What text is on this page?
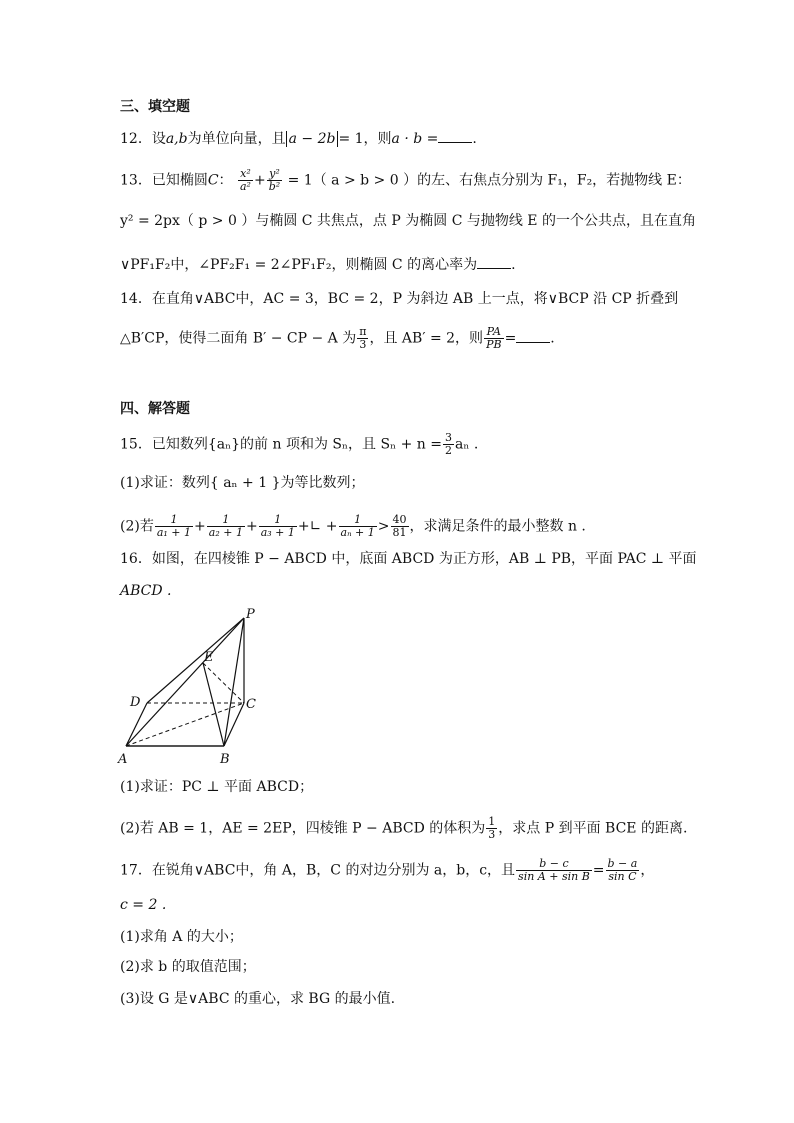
三、填空题
12．设a,b为单位向量，且 a − 2b = 1，则a · b = .
13．已知椭圆C： $\frac{\text{x²}}{\text{a²}} + \frac{\text{y²}}{\text{b²}} = 1$（ a > b > 0 ）的左、右焦点分别为 F₁，F₂，若抛物线 E：
y² = 2px（ p > 0 ）与椭圆 C 共焦点，点 P 为椭圆 C 与抛物线 E 的一个公共点，且在直角
∨PF₁F₂中，∠PF₂F₁ = 2∠PF₁F₂，则椭圆 C 的离心率为 .
14．在直角∨ABC中，AC = 3，BC = 2，P 为斜边 AB 上一点，将∨BCP 沿 CP 折叠到
△B′CP，使得二面角 B′ − CP − A 为 $\frac{\pi}{3}$ ，且 AB′ = 2，则 $\frac{PA}{PB}$ = .
四、解答题
15．已知数列{aₙ}的前 n 项和为 Sₙ，且 $S_n + n = \frac{3}{2}$ aₙ .
(1)求证：数列{ aₙ + 1 }为等比数列；
(2)若 $\frac{1}{\text{a₁ + 1}} + \frac{1}{\text{a₂ + 1}} + \frac{1}{\text{a₃ + 1}}$ +∟ + $\frac{1}{\text{aₙ + 1}} > \frac{40}{81}$ ，求满足条件的最小整数 n .
16．如图，在四棱锥 P − ABCD 中，底面 ABCD 为正方形，AB ⊥ PB，平面 PAC ⊥ 平面
ABCD .
P
E
D	C
A	B
(1)求证：PC ⊥ 平面 ABCD；
(2)若 AB = 1，AE = 2EP，四棱锥 P − ABCD 的体积为 $\frac{1}{3}$ ，求点 P 到平面 BCE 的距离.
17．在锐角∨ABC中，角 A，B，C 的对边分别为 a，b，c，且 $\frac{b - c}{\text{sin A + sin B}} = \frac{b - a}{\text{sin C}}$ ，
c = 2 .
(1)求角 A 的大小；
(2)求 b 的取值范围；
(3)设 G 是∨ABC 的重心，求 BG 的最小值.
